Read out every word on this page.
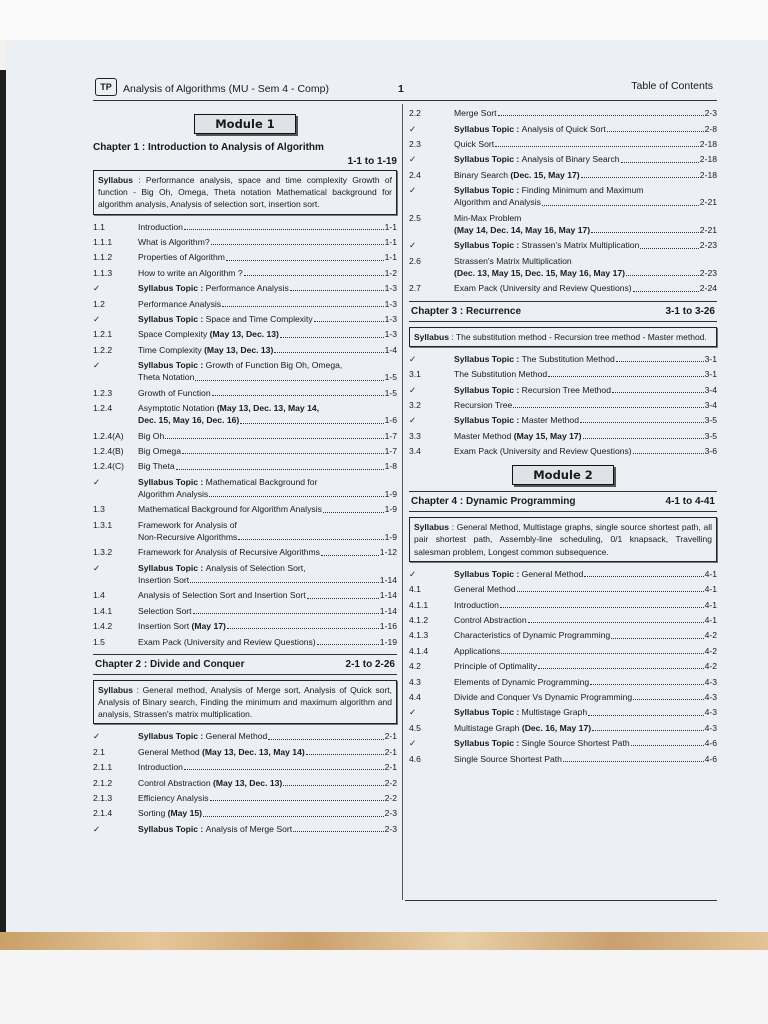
TP	Analysis of Algorithms (MU - Sem 4 - Comp)	1	Table of Contents
Module 1
Chapter 1 : Introduction to Analysis of Algorithm
1-1 to 1-19
Syllabus : Performance analysis, space and time complexity Growth of function - Big Oh, Omega, Theta notation Mathematical background for algorithm analysis, Analysis of selection sort, insertion sort.
1.1	Introduction	1-1
1.1.1	What is Algorithm?	1-1
1.1.2	Properties of Algorithm	1-1
1.1.3	How to write an Algorithm ?	1-2
✓	Syllabus Topic : Performance Analysis	1-3
1.2	Performance Analysis	1-3
✓	Syllabus Topic : Space and Time Complexity	1-3
1.2.1	Space Complexity (May 13, Dec. 13)	1-3
1.2.2	Time Complexity (May 13, Dec. 13)	1-4
✓	Syllabus Topic : Growth of Function Big Oh, Omega,
Theta Notation	1-5
1.2.3	Growth of Function	1-5
1.2.4	Asymptotic Notation (May 13, Dec. 13, May 14,
Dec. 15, May 16, Dec. 16)	1-6
1.2.4(A)	Big Oh	1-7
1.2.4(B)	Big Omega	1-7
1.2.4(C)	Big Theta	1-8
✓	Syllabus Topic : Mathematical Background for
Algorithm Analysis	1-9
1.3	Mathematical Background for Algorithm Analysis	1-9
1.3.1	Framework for Analysis of
Non-Recursive Algorithms	1-9
1.3.2	Framework for Analysis of Recursive Algorithms	1-12
✓	Syllabus Topic : Analysis of Selection Sort,
Insertion Sort	1-14
1.4	Analysis of Selection Sort and Insertion Sort	1-14
1.4.1	Selection Sort	1-14
1.4.2	Insertion Sort (May 17)	1-16
1.5	Exam Pack (University and Review Questions)	1-19
Chapter 2 : Divide and Conquer	2-1 to 2-26
Syllabus : General method, Analysis of Merge sort, Analysis of Quick sort, Analysis of Binary search, Finding the minimum and maximum algorithm and analysis, Strassen's matrix multiplication.
✓	Syllabus Topic : General Method	2-1
2.1	General Method (May 13, Dec. 13, May 14)	2-1
2.1.1	Introduction	2-1
2.1.2	Control Abstraction (May 13, Dec. 13)	2-2
2.1.3	Efficiency Analysis	2-2
2.1.4	Sorting (May 15)	2-3
✓	Syllabus Topic : Analysis of Merge Sort	2-3
2.2	Merge Sort	2-3
✓	Syllabus Topic : Analysis of Quick Sort	2-8
2.3	Quick Sort	2-18
✓	Syllabus Topic : Analysis of Binary Search	2-18
2.4	Binary Search (Dec. 15, May 17)	2-18
✓	Syllabus Topic : Finding Minimum and Maximum
Algorithm and Analysis	2-21
2.5	Min-Max Problem
(May 14, Dec. 14, May 16, May 17)	2-21
✓	Syllabus Topic : Strassen's Matrix Multiplication	2-23
2.6	Strassen's Matrix Multiplication
(Dec. 13, May 15, Dec. 15, May 16, May 17)	2-23
2.7	Exam Pack (University and Review Questions)	2-24
Chapter 3 : Recurrence	3-1 to 3-26
Syllabus : The substitution method - Recursion tree method - Master method.
✓	Syllabus Topic : The Substitution Method	3-1
3.1	The Substitution Method	3-1
✓	Syllabus Topic : Recursion Tree Method	3-4
3.2	Recursion Tree	3-4
✓	Syllabus Topic : Master Method	3-5
3.3	Master Method (May 15, May 17)	3-5
3.4	Exam Pack (University and Review Questions)	3-6
Module 2
Chapter 4 : Dynamic Programming	4-1 to 4-41
Syllabus : General Method, Multistage graphs, single source shortest path, all pair shortest path, Assembly-line scheduling, 0/1 knapsack, Travelling salesman problem, Longest common subsequence.
✓	Syllabus Topic : General Method	4-1
4.1	General Method	4-1
4.1.1	Introduction	4-1
4.1.2	Control Abstraction	4-1
4.1.3	Characteristics of Dynamic Programming	4-2
4.1.4	Applications	4-2
4.2	Principle of Optimality	4-2
4.3	Elements of Dynamic Programming	4-3
4.4	Divide and Conquer Vs Dynamic Programming	4-3
✓	Syllabus Topic : Multistage Graph	4-3
4.5	Multistage Graph (Dec. 16, May 17)	4-3
✓	Syllabus Topic : Single Source Shortest Path	4-6
4.6	Single Source Shortest Path	4-6
